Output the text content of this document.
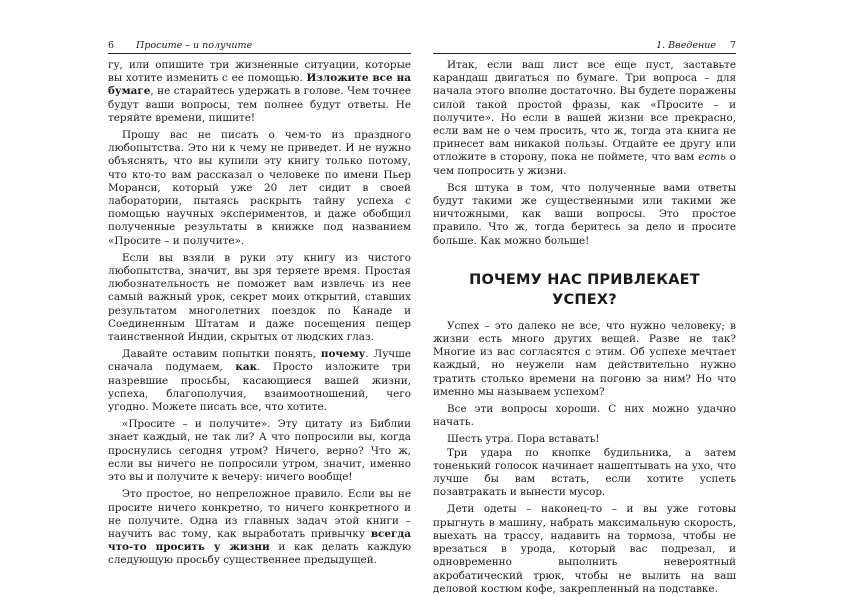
6 Просите – и получите

гу, или опишите три жизненные ситуации, которые вы хотите изменить с ее помощью. Изложите все на бумаге, не старайтесь удержать в голове. Чем точнее будут ваши вопросы, тем полнее будут ответы. Не теряйте времени, пишите!

Прошу вас не писать о чем-то из праздного любопытства. Это ни к чему не приведет. И не нужно объяснять, что вы купили эту книгу только потому, что кто-то вам рассказал о человеке по имени Пьер Моранси, который уже 20 лет сидит в своей лаборатории, пытаясь раскрыть тайну успеха с помощью научных экспериментов, и даже обобщил полученные результаты в книжке под названием «Просите – и получите».

Если вы взяли в руки эту книгу из чистого любопытства, значит, вы зря теряете время. Простая любознательность не поможет вам извлечь из нее самый важный урок, секрет моих открытий, ставших результатом многолетних поездок по Канаде и Соединенным Штатам и даже посещения пещер таинственной Индии, скрытых от людских глаз.

Давайте оставим попытки понять, почему. Лучше сначала подумаем, как. Просто изложите три назревшие просьбы, касающиеся вашей жизни, успеха, благополучия, взаимоотношений, чего угодно. Можете писать все, что хотите.

«Просите – и получите». Эту цитату из Библии знает каждый, не так ли? А что попросили вы, когда проснулись сегодня утром? Ничего, верно? Что ж, если вы ничего не попросили утром, значит, именно это вы и получите к вечеру: ничего вообще!

Это простое, но непреложное правило. Если вы не просите ничего конкретно, то ничего конкретного и не получите. Одна из главных задач этой книги – научить вас тому, как выработать привычку всегда что-то просить у жизни и как делать каждую следующую просьбу существеннее предыдущей.

1. Введение 7

Итак, если ваш лист все еще пуст, заставьте карандаш двигаться по бумаге. Три вопроса – для начала этого вполне достаточно. Вы будете поражены силой такой простой фразы, как «Просите – и получите». Но если в вашей жизни все прекрасно, если вам не о чем просить, что ж, тогда эта книга не принесет вам никакой пользы. Отдайте ее другу или отложите в сторону, пока не поймете, что вам есть о чем попросить у жизни.

Вся штука в том, что полученные вами ответы будут такими же существенными или такими же ничтожными, как ваши вопросы. Это простое правило. Что ж, тогда беритесь за дело и просите больше. Как можно больше!

ПОЧЕМУ НАС ПРИВЛЕКАЕТ
УСПЕХ?

Успех – это далеко не все, что нужно человеку; в жизни есть много других вещей. Разве не так? Многие из вас согласятся с этим. Об успехе мечтает каждый, но неужели нам действительно нужно тратить столько времени на погоню за ним? Но что именно мы называем успехом?

Все эти вопросы хороши. С них можно удачно начать.

Шесть утра. Пора вставать!

Три удара по кнопке будильника, а затем тоненький голосок начинает нашептывать на ухо, что лучше бы вам встать, если хотите успеть позавтракать и вынести мусор.

Дети одеты – наконец-то – и вы уже готовы прыгнуть в машину, набрать максимальную скорость, выехать на трассу, надавить на тормоза, чтобы не врезаться в урода, который вас подрезал, и одновременно выполнить невероятный акробатический трюк, чтобы не вылить на ваш деловой костюм кофе, закрепленный на подставке.
